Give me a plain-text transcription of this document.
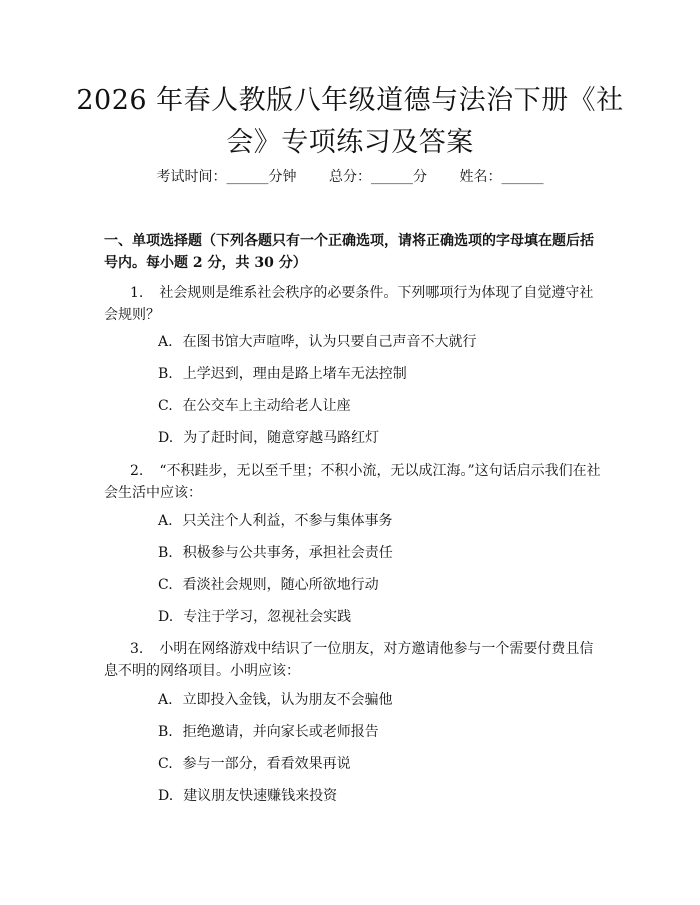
2026 年春人教版八年级道德与法治下册《社会》专项练习及答案
考试时间：______分钟 总分：______分 姓名：______

一、单项选择题（下列各题只有一个正确选项，请将正确选项的字母填在题后括号内。每小题 2 分，共 30 分）

1. 社会规则是维系社会秩序的必要条件。下列哪项行为体现了自觉遵守社会规则？

A. 在图书馆大声喧哗，认为只要自己声音不大就行

B. 上学迟到，理由是路上堵车无法控制

C. 在公交车上主动给老人让座

D. 为了赶时间，随意穿越马路红灯

2. “不积跬步，无以至千里；不积小流，无以成江海。”这句话启示我们在社会生活中应该：

A. 只关注个人利益，不参与集体事务

B. 积极参与公共事务，承担社会责任

C. 看淡社会规则，随心所欲地行动

D. 专注于学习，忽视社会实践

3. 小明在网络游戏中结识了一位朋友，对方邀请他参与一个需要付费且信息不明的网络项目。小明应该：

A. 立即投入金钱，认为朋友不会骗他

B. 拒绝邀请，并向家长或老师报告

C. 参与一部分，看看效果再说

D. 建议朋友快速赚钱来投资
